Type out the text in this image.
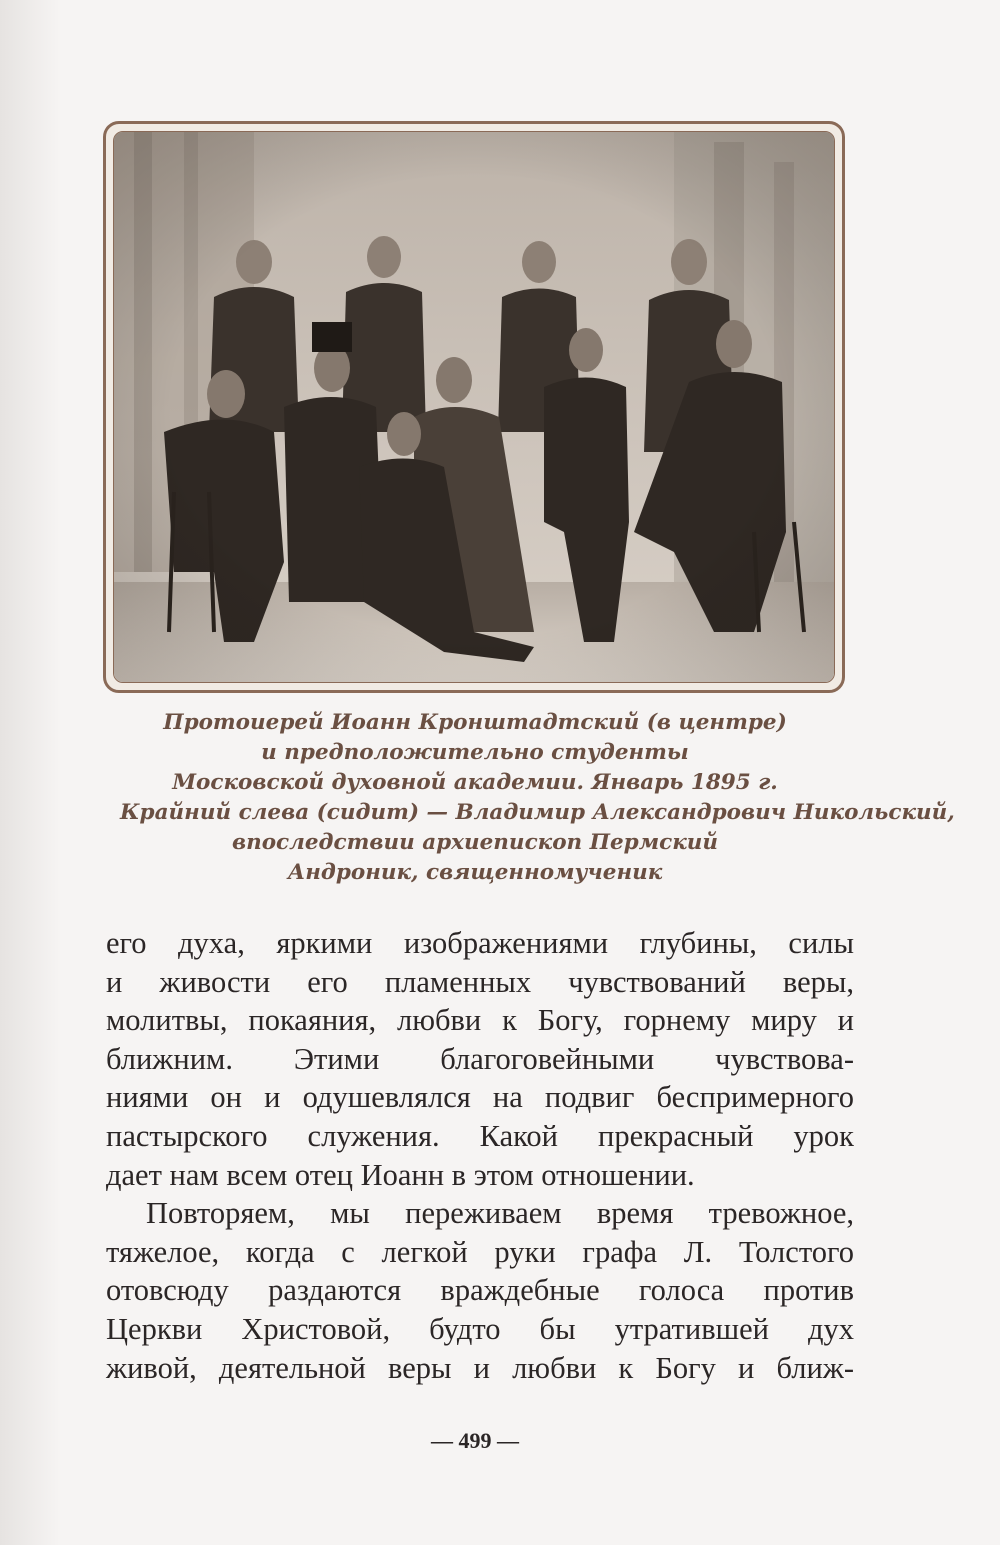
Протоиерей Иоанн Кронштадтский (в центре)
и предположительно студенты
Московской духовной академии. Январь 1895 г.
Крайний слева (сидит) — Владимир Александрович Никольский,
впоследствии архиепископ Пермский
Андроник, священномученик
его духа, яркими изображениями глубины, силы
и живости его пламенных чувствований веры,
молитвы, покаяния, любви к Богу, горнему миру и
ближним. Этими благоговейными чувствова-
ниями он и одушевлялся на подвиг беспримерного
пастырского служения. Какой прекрасный урок
дает нам всем отец Иоанн в этом отношении.
Повторяем, мы переживаем время тревожное,
тяжелое, когда с легкой руки графа Л. Толстого
отовсюду раздаются враждебные голоса против
Церкви Христовой, будто бы утратившей дух
живой, деятельной веры и любви к Богу и ближ-
— 499 —
